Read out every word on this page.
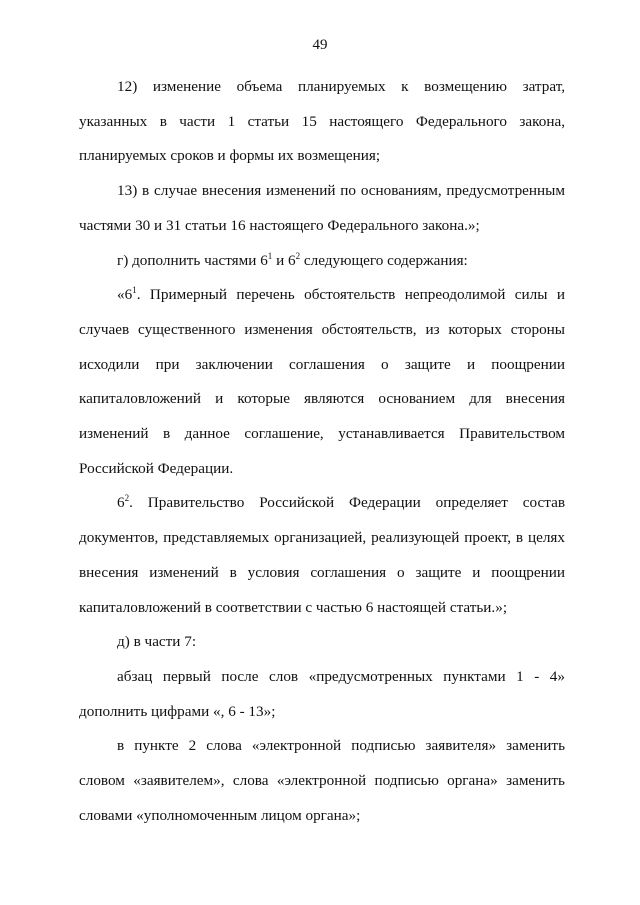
49

12) изменение объема планируемых к возмещению затрат, указанных в части 1 статьи 15 настоящего Федерального закона, планируемых сроков и формы их возмещения;

13) в случае внесения изменений по основаниям, предусмотренным частями 30 и 31 статьи 16 настоящего Федерального закона.»;

г) дополнить частями $6^1$ и $6^2$ следующего содержания:

«$6^1$. Примерный перечень обстоятельств непреодолимой силы и случаев существенного изменения обстоятельств, из которых стороны исходили при заключении соглашения о защите и поощрении капиталовложений и которые являются основанием для внесения изменений в данное соглашение, устанавливается Правительством Российской Федерации.

$6^2$. Правительство Российской Федерации определяет состав документов, представляемых организацией, реализующей проект, в целях внесения изменений в условия соглашения о защите и поощрении капиталовложений в соответствии с частью 6 настоящей статьи.»;

д) в части 7:

абзац первый после слов «предусмотренных пунктами 1 - 4» дополнить цифрами «, 6 - 13»;

в пункте 2 слова «электронной подписью заявителя» заменить словом «заявителем», слова «электронной подписью органа» заменить словами «уполномоченным лицом органа»;
